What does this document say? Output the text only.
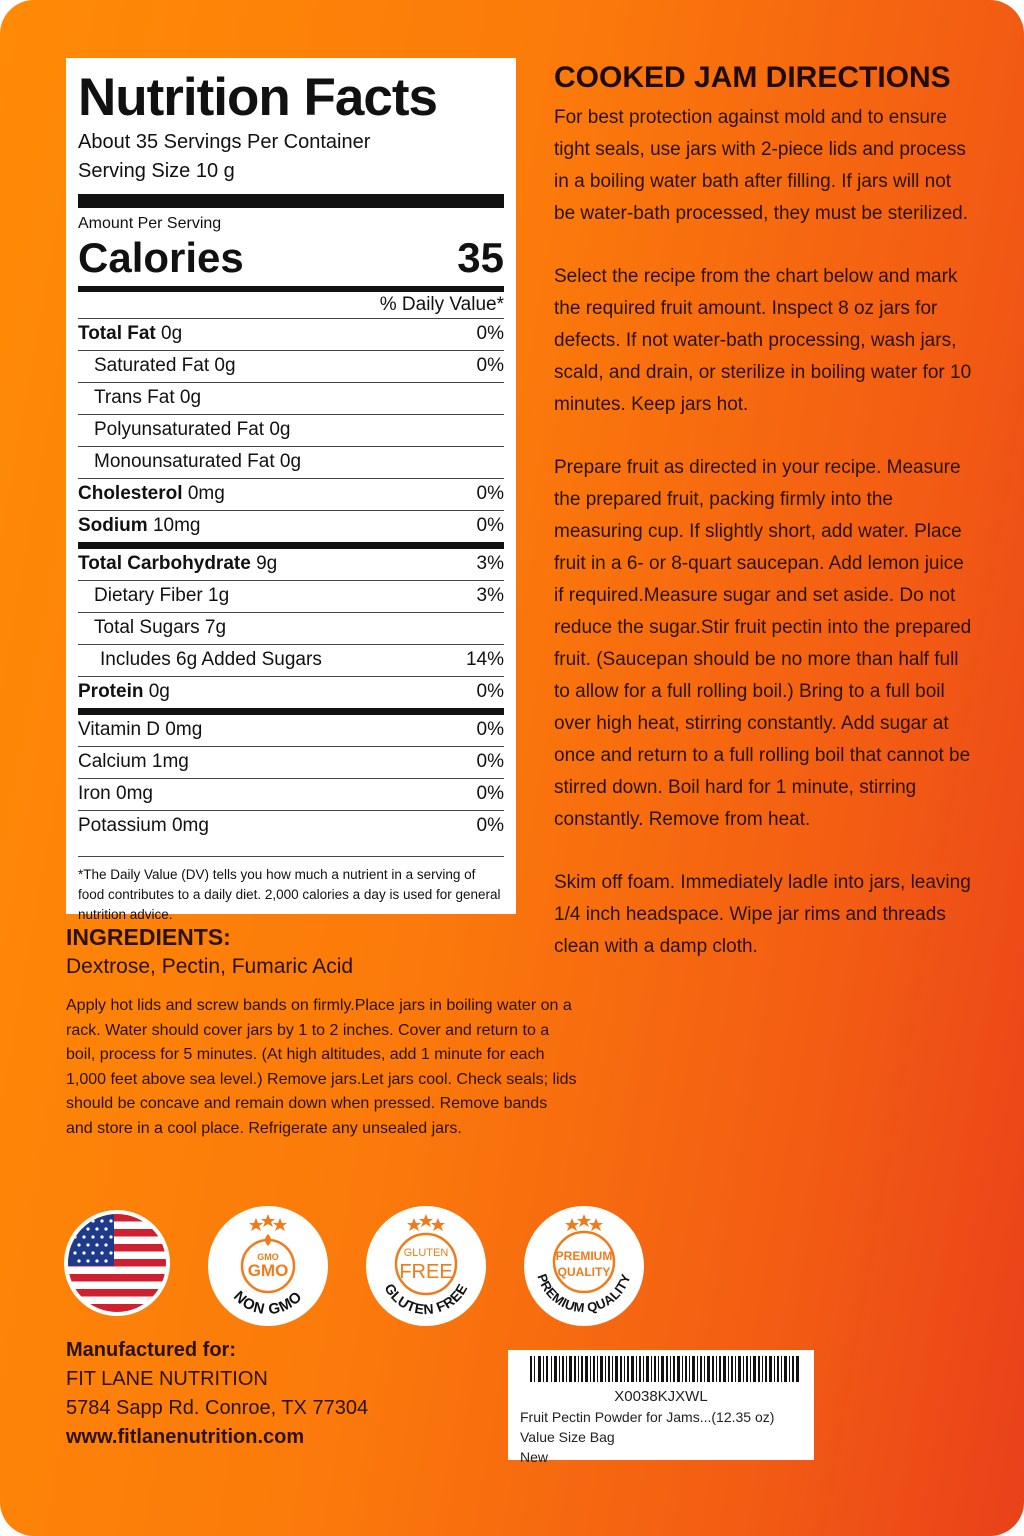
Nutrition Facts
About 35 Servings Per Container
Serving Size 10 g
Amount Per Serving
Calories	35
% Daily Value*
Total Fat 0g	0%
Saturated Fat 0g	0%
Trans Fat 0g
Polyunsaturated Fat 0g
Monounsaturated Fat 0g
Cholesterol 0mg	0%
Sodium 10mg	0%
Total Carbohydrate 9g	3%
Dietary Fiber 1g	3%
Total Sugars 7g
Includes 6g Added Sugars	14%
Protein 0g	0%
Vitamin D 0mg	0%
Calcium 1mg	0%
Iron 0mg	0%
Potassium 0mg	0%
*The Daily Value (DV) tells you how much a nutrient in a serving of food contributes to a daily diet. 2,000 calories a day is used for general nutrition advice.
COOKED JAM DIRECTIONS

For best protection against mold and to ensure tight seals, use jars with 2-piece lids and process in a boiling water bath after filling. If jars will not be water-bath processed, they must be sterilized.

Select the recipe from the chart below and mark the required fruit amount. Inspect 8 oz jars for defects. If not water-bath processing, wash jars, scald, and drain, or sterilize in boiling water for 10 minutes. Keep jars hot.

Prepare fruit as directed in your recipe. Measure the prepared fruit, packing firmly into the measuring cup. If slightly short, add water. Place fruit in a 6- or 8-quart saucepan. Add lemon juice if required.Measure sugar and set aside. Do not reduce the sugar.Stir fruit pectin into the prepared fruit. (Saucepan should be no more than half full to allow for a full rolling boil.) Bring to a full boil over high heat, stirring constantly. Add sugar at once and return to a full rolling boil that cannot be stirred down. Boil hard for 1 minute, stirring constantly. Remove from heat.

Skim off foam. Immediately ladle into jars, leaving 1/4 inch headspace. Wipe jar rims and threads clean with a damp cloth.

INGREDIENTS:
Dextrose, Pectin, Fumaric Acid
Apply hot lids and screw bands on firmly.Place jars in boiling water on a rack. Water should cover jars by 1 to 2 inches. Cover and return to a boil, process for 5 minutes. (At high altitudes, add 1 minute for each 1,000 feet above sea level.) Remove jars.Let jars cool. Check seals; lids should be concave and remain down when pressed. Remove bands and store in a cool place. Refrigerate any unsealed jars.
GMO
GMO
NON GMO
GLUTEN
FREE
GLUTEN FREE
PREMIUM
QUALITY
PREMIUM QUALITY
Manufactured for:
FIT LANE NUTRITION
5784 Sapp Rd. Conroe, TX 77304
www.fitlanenutrition.com
X0038KJXWL
Fruit Pectin Powder for Jams...(12.35 oz) Value Size Bag
New
